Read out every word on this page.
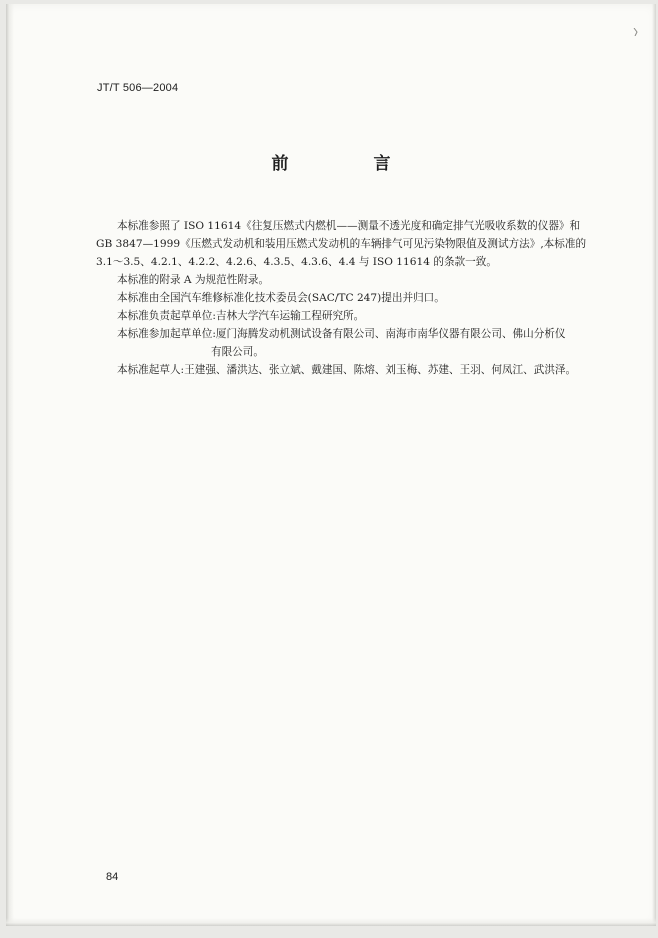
JT/T 506—2004
前　言

本标准参照了 ISO 11614《往复压燃式内燃机——测量不透光度和确定排气光吸收系数的仪器》和
GB 3847—1999《压燃式发动机和装用压燃式发动机的车辆排气可见污染物限值及测试方法》,本标准的
3.1～3.5、4.2.1、4.2.2、4.2.6、4.3.5、4.3.6、4.4 与 ISO 11614 的条款一致。

本标准的附录 A 为规范性附录。

本标准由全国汽车维修标准化技术委员会(SAC/TC 247)提出并归口。

本标准负责起草单位:吉林大学汽车运输工程研究所。

本标准参加起草单位:厦门海腾发动机测试设备有限公司、南海市南华仪器有限公司、佛山分析仪
有限公司。

本标准起草人:王建强、潘洪达、张立斌、戴建国、陈熔、刘玉梅、苏建、王羽、何凤江、武洪泽。

84
